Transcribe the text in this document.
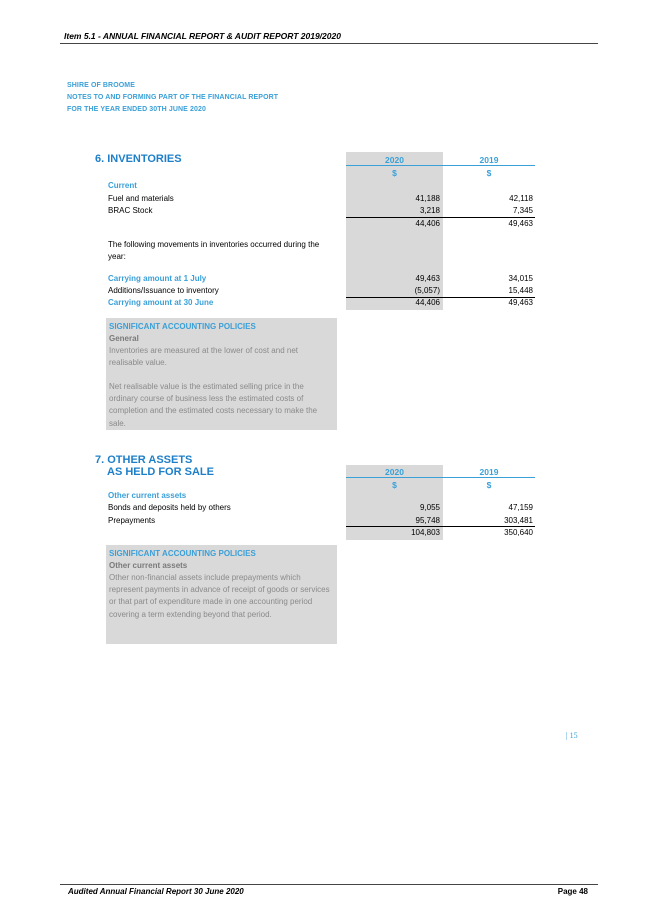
Item 5.1 - ANNUAL FINANCIAL REPORT & AUDIT REPORT 2019/2020
SHIRE OF BROOME
NOTES TO AND FORMING PART OF THE FINANCIAL REPORT
FOR THE YEAR ENDED 30TH JUNE 2020
6. INVENTORIES	2020	2019
$	$
Current
Fuel and materials	41,188	42,118
BRAC Stock	3,218	7,345
44,406	49,463
The following movements in inventories occurred during the year:
Carrying amount at 1 July	49,463	34,015
Additions/Issuance to inventory	(5,057)	15,448
Carrying amount at 30 June	44,406	49,463
SIGNIFICANT ACCOUNTING POLICIES
General
Inventories are measured at the lower of cost and net realisable value.
Net realisable value is the estimated selling price in the ordinary course of business less the estimated costs of completion and the estimated costs necessary to make the sale.
7. OTHER ASSETS
AS HELD FOR SALE	2020	2019
$	$
Other current assets
Bonds and deposits held by others	9,055	47,159
Prepayments	95,748	303,481
104,803	350,640
SIGNIFICANT ACCOUNTING POLICIES
Other current assets
Other non-financial assets include prepayments which represent payments in advance of receipt of goods or services or that part of expenditure made in one accounting period covering a term extending beyond that period.
| 15
Audited Annual Financial Report 30 June 2020	Page 48
